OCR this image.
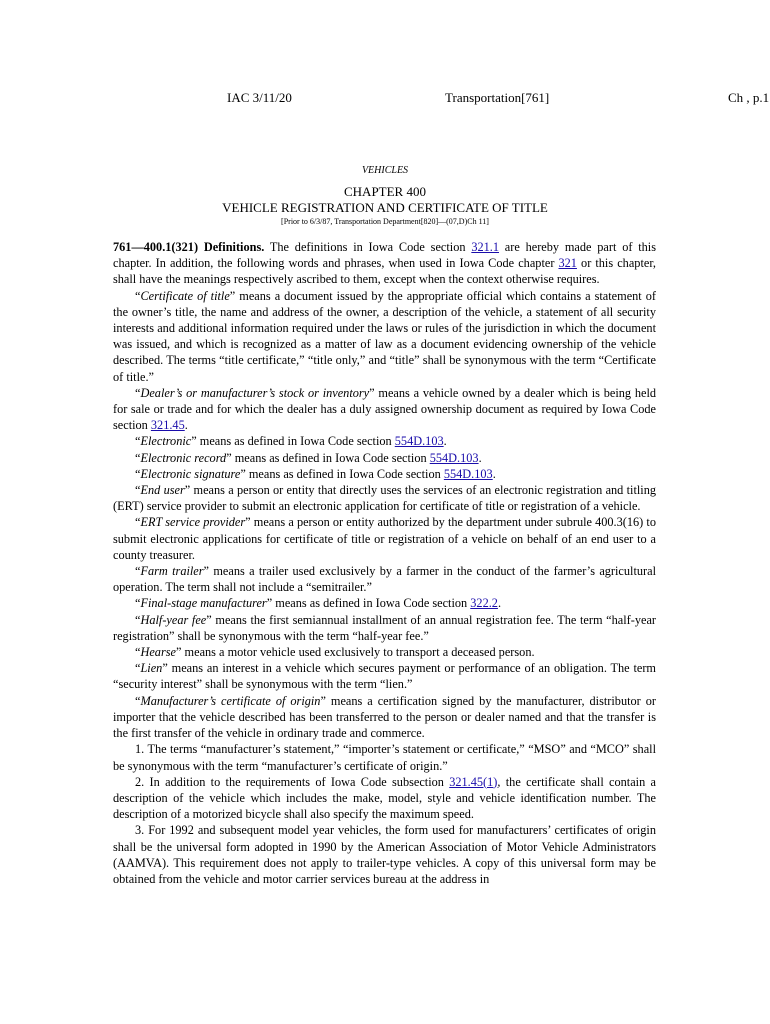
IAC 3/11/20	Transportation[761]	Ch , p.1
VEHICLES
CHAPTER 400
VEHICLE REGISTRATION AND CERTIFICATE OF TITLE
[Prior to 6/3/87, Transportation Department[820]—(07,D)Ch 11]

761—400.1(321) Definitions. The definitions in Iowa Code section 321.1 are hereby made part of this chapter. In addition, the following words and phrases, when used in Iowa Code chapter 321 or this chapter, shall have the meanings respectively ascribed to them, except when the context otherwise requires.

“Certificate of title” means a document issued by the appropriate official which contains a statement of the owner’s title, the name and address of the owner, a description of the vehicle, a statement of all security interests and additional information required under the laws or rules of the jurisdiction in which the document was issued, and which is recognized as a matter of law as a document evidencing ownership of the vehicle described. The terms “title certificate,” “title only,” and “title” shall be synonymous with the term “Certificate of title.”

“Dealer’s or manufacturer’s stock or inventory” means a vehicle owned by a dealer which is being held for sale or trade and for which the dealer has a duly assigned ownership document as required by Iowa Code section 321.45.

“Electronic” means as defined in Iowa Code section 554D.103.

“Electronic record” means as defined in Iowa Code section 554D.103.

“Electronic signature” means as defined in Iowa Code section 554D.103.

“End user” means a person or entity that directly uses the services of an electronic registration and titling (ERT) service provider to submit an electronic application for certificate of title or registration of a vehicle.

“ERT service provider” means a person or entity authorized by the department under subrule 400.3(16) to submit electronic applications for certificate of title or registration of a vehicle on behalf of an end user to a county treasurer.

“Farm trailer” means a trailer used exclusively by a farmer in the conduct of the farmer’s agricultural operation. The term shall not include a “semitrailer.”

“Final-stage manufacturer” means as defined in Iowa Code section 322.2.

“Half-year fee” means the first semiannual installment of an annual registration fee. The term “half-year registration” shall be synonymous with the term “half-year fee.”

“Hearse” means a motor vehicle used exclusively to transport a deceased person.

“Lien” means an interest in a vehicle which secures payment or performance of an obligation. The term “security interest” shall be synonymous with the term “lien.”

“Manufacturer’s certificate of origin” means a certification signed by the manufacturer, distributor or importer that the vehicle described has been transferred to the person or dealer named and that the transfer is the first transfer of the vehicle in ordinary trade and commerce.

1. The terms “manufacturer’s statement,” “importer’s statement or certificate,” “MSO” and “MCO” shall be synonymous with the term “manufacturer’s certificate of origin.”

2. In addition to the requirements of Iowa Code subsection 321.45(1), the certificate shall contain a description of the vehicle which includes the make, model, style and vehicle identification number. The description of a motorized bicycle shall also specify the maximum speed.

3. For 1992 and subsequent model year vehicles, the form used for manufacturers’ certificates of origin shall be the universal form adopted in 1990 by the American Association of Motor Vehicle Administrators (AAMVA). This requirement does not apply to trailer-type vehicles. A copy of this universal form may be obtained from the vehicle and motor carrier services bureau at the address in
